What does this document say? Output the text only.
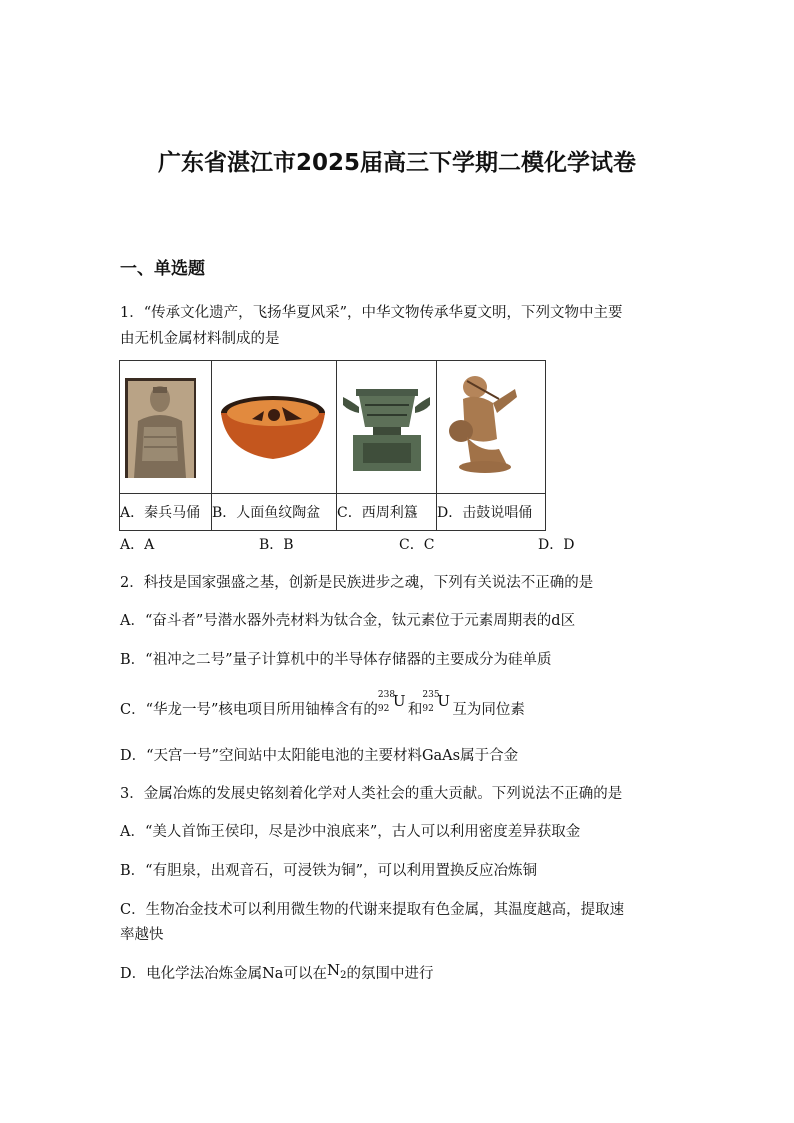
广东省湛江市2025届高三下学期二模化学试卷
一、单选题
1．“传承文化遗产，飞扬华夏风采”，中华文物传承华夏文明，下列文物中主要
由无机金属材料制成的是

A．秦兵马俑	B．人面鱼纹陶盆	C．西周利簋	D．击鼓说唱俑
A．A	B．B	C．C	D．D
2．科技是国家强盛之基，创新是民族进步之魂，下列有关说法不正确的是
A．“奋斗者”号潜水器外壳材料为钛合金，钛元素位于元素周期表的d区
B．“祖冲之二号”量子计算机中的半导体存储器的主要成分为硅单质
C．“华龙一号”核电项目所用铀棒含有的
238
92 U 和
235
92 U 互为同位素
D．“天宫一号”空间站中太阳能电池的主要材料GaAs属于合金
3．金属冶炼的发展史铭刻着化学对人类社会的重大贡献。下列说法不正确的是
A．“美人首饰王侯印，尽是沙中浪底来”，古人可以利用密度差异获取金
B．“有胆泉，出观音石，可浸铁为铜”，可以利用置换反应冶炼铜
C．生物冶金技术可以利用微生物的代谢来提取有色金属，其温度越高，提取速
率越快
D．电化学法冶炼金属Na可以在N2的氛围中进行
